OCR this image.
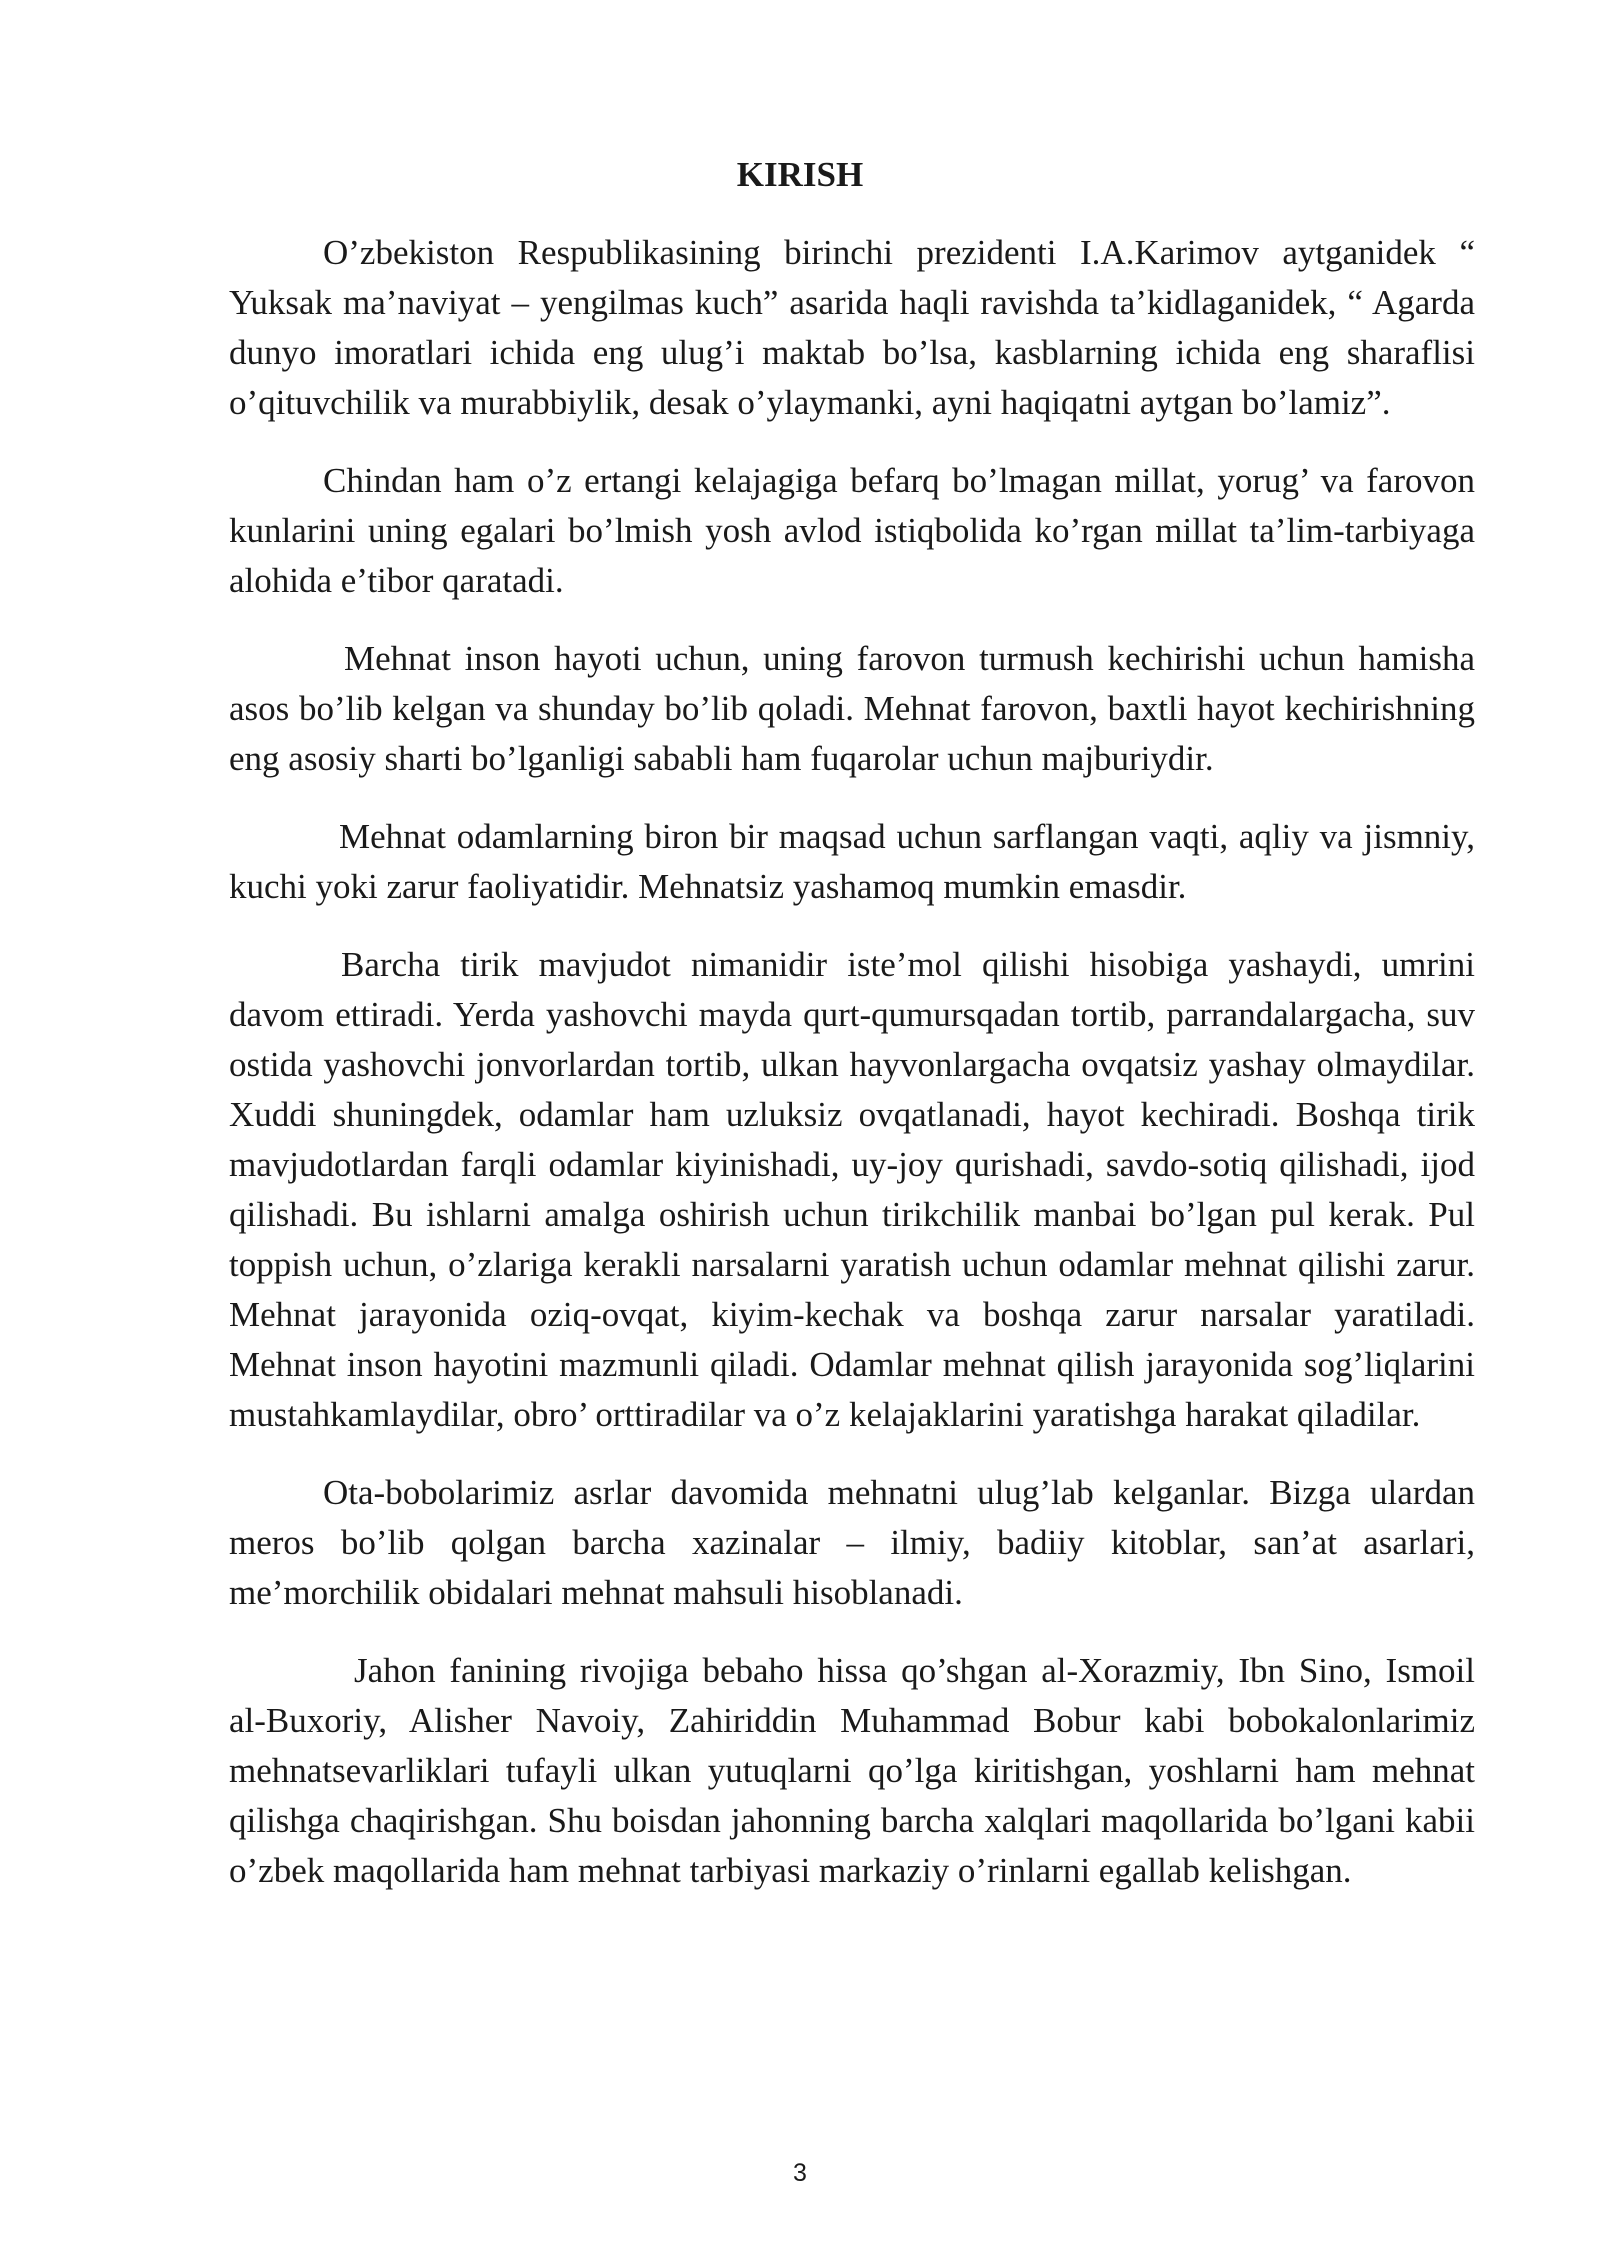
KIRISH

O’zbekiston Respublikasining birinchi prezidenti I.A.Karimov aytganidek “ Yuksak ma’naviyat – yengilmas kuch” asarida haqli ravishda ta’kidlaganidek, “ Agarda dunyo imoratlari ichida eng ulug’i maktab bo’lsa, kasblarning ichida eng sharaflisi o’qituvchilik va murabbiylik, desak o’ylaymanki, ayni haqiqatni aytgan bo’lamiz”.

Chindan ham o’z ertangi kelajagiga befarq bo’lmagan millat, yorug’ va farovon kunlarini uning egalari bo’lmish yosh avlod istiqbolida ko’rgan millat ta’lim-tarbiyaga alohida e’tibor qaratadi.

Mehnat inson hayoti uchun, uning farovon turmush kechirishi uchun hamisha asos bo’lib kelgan va shunday bo’lib qoladi. Mehnat farovon, baxtli hayot kechirishning eng asosiy sharti bo’lganligi sababli ham fuqarolar uchun majburiydir.

Mehnat odamlarning biron bir maqsad uchun sarflangan vaqti, aqliy va jismniy, kuchi yoki zarur faoliyatidir. Mehnatsiz yashamoq mumkin emasdir.

Barcha tirik mavjudot nimanidir iste’mol qilishi hisobiga yashaydi, umrini davom ettiradi. Yerda yashovchi mayda qurt-qumursqadan tortib, parrandalargacha, suv ostida yashovchi jonvorlardan tortib, ulkan hayvonlargacha ovqatsiz yashay olmaydilar. Xuddi shuningdek, odamlar ham uzluksiz ovqatlanadi, hayot kechiradi. Boshqa tirik mavjudotlardan farqli odamlar kiyinishadi, uy-joy qurishadi, savdo-sotiq qilishadi, ijod qilishadi. Bu ishlarni amalga oshirish uchun tirikchilik manbai bo’lgan pul kerak. Pul toppish uchun, o’zlariga kerakli narsalarni yaratish uchun odamlar mehnat qilishi zarur. Mehnat jarayonida oziq-ovqat, kiyim-kechak va boshqa zarur narsalar yaratiladi. Mehnat inson hayotini mazmunli qiladi. Odamlar mehnat qilish jarayonida sog’liqlarini mustahkamlaydilar, obro’ orttiradilar va o’z kelajaklarini yaratishga harakat qiladilar.

Ota-bobolarimiz asrlar davomida mehnatni ulug’lab kelganlar. Bizga ulardan meros bo’lib qolgan barcha xazinalar – ilmiy, badiiy kitoblar, san’at asarlari, me’morchilik obidalari mehnat mahsuli hisoblanadi.

Jahon fanining rivojiga bebaho hissa qo’shgan al-Xorazmiy, Ibn Sino, Ismoil al-Buxoriy, Alisher Navoiy, Zahiriddin Muhammad Bobur kabi bobokalonlarimiz mehnatsevarliklari tufayli ulkan yutuqlarni qo’lga kiritishgan, yoshlarni ham mehnat qilishga chaqirishgan. Shu boisdan jahonning barcha xalqlari maqollarida bo’lgani kabii o’zbek maqollarida ham mehnat tarbiyasi markaziy o’rinlarni egallab kelishgan.

3
